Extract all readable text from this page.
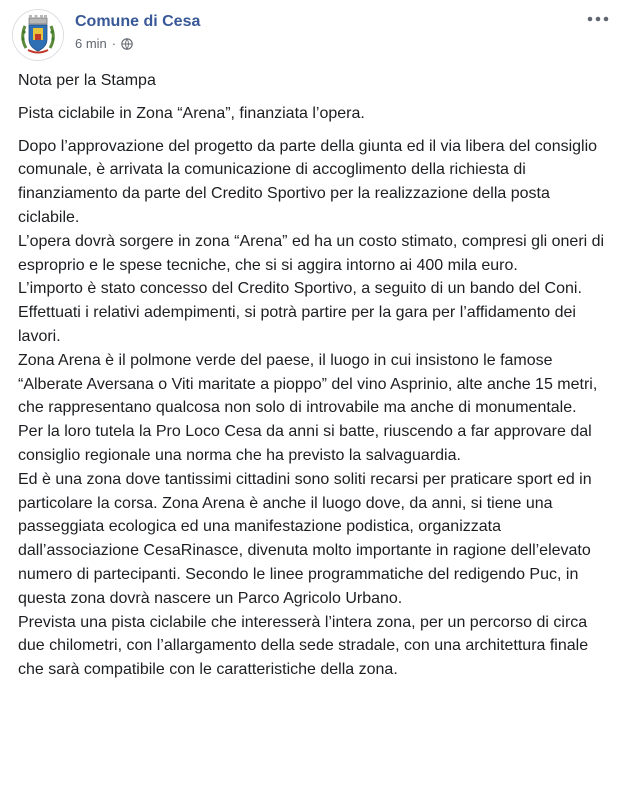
Comune di Cesa
6 min ·

Nota per la Stampa

Pista ciclabile in Zona “Arena”, finanziata l’opera.

Dopo l’approvazione del progetto da parte della giunta ed il via libera del consiglio comunale, è arrivata la comunicazione di accoglimento della richiesta di finanziamento da parte del Credito Sportivo per la realizzazione della posta ciclabile.
L’opera dovrà sorgere in zona “Arena” ed ha un costo stimato, compresi gli oneri di esproprio e le spese tecniche, che si si aggira intorno ai 400 mila euro.
L’importo è stato concesso del Credito Sportivo, a seguito di un bando del Coni.
Effettuati i relativi adempimenti, si potrà partire per la gara per l’affidamento dei lavori.
Zona Arena è il polmone verde del paese, il luogo in cui insistono le famose “Alberate Aversana o Viti maritate a pioppo” del vino Asprinio, alte anche 15 metri, che rappresentano qualcosa non solo di introvabile ma anche di monumentale.
Per la loro tutela la Pro Loco Cesa da anni si batte, riuscendo a far approvare dal consiglio regionale una norma che ha previsto la salvaguardia.
Ed è una zona dove tantissimi cittadini sono soliti recarsi per praticare sport ed in particolare la corsa. Zona Arena è anche il luogo dove, da anni, si tiene una passeggiata ecologica ed una manifestazione podistica, organizzata dall’associazione CesaRinasce, divenuta molto importante in ragione dell’elevato numero di partecipanti. Secondo le linee programmatiche del redigendo Puc, in questa zona dovrà nascere un Parco Agricolo Urbano.
Prevista una pista ciclabile che interesserà l’intera zona, per un percorso di circa due chilometri, con l’allargamento della sede stradale, con una architettura finale che sarà compatibile con le caratteristiche della zona.
